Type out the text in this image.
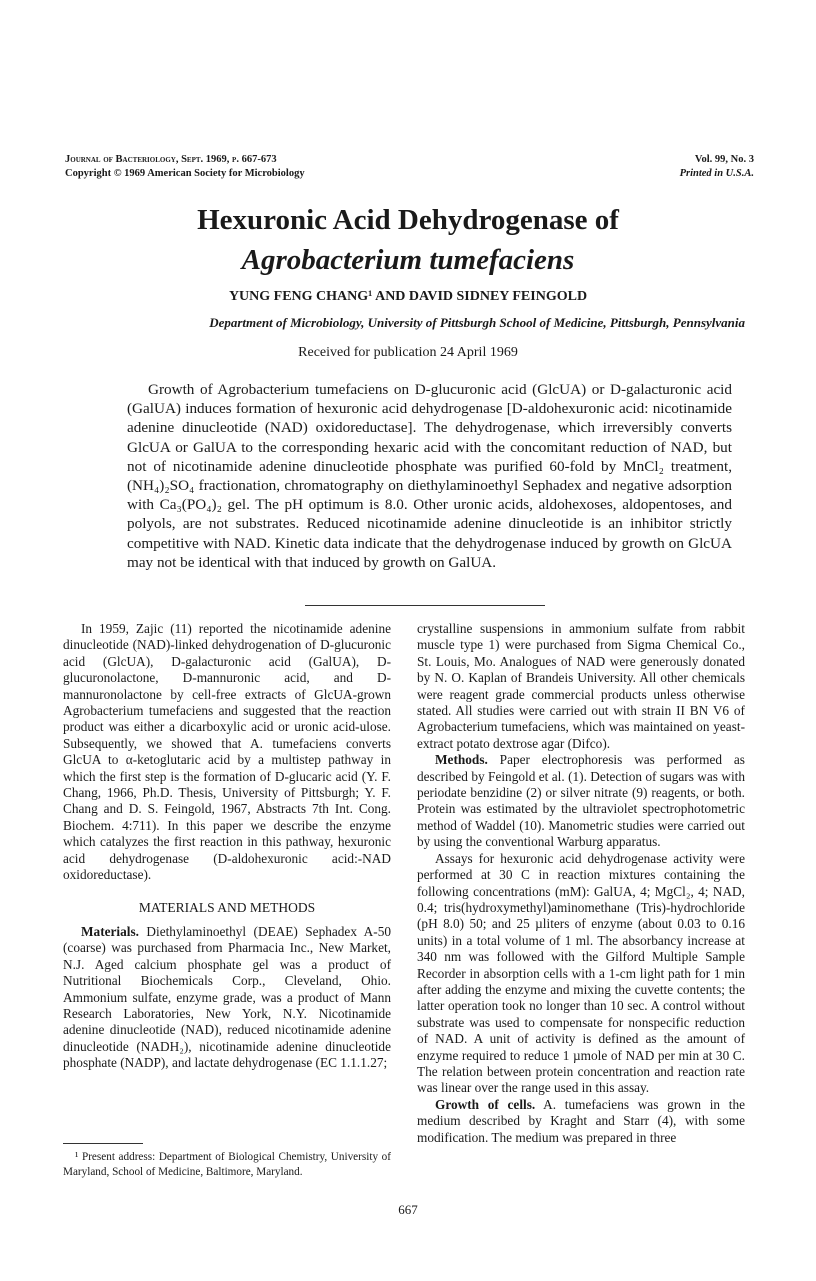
Journal of Bacteriology, Sept. 1969, p. 667-673
Copyright © 1969 American Society for Microbiology
Vol. 99, No. 3
Printed in U.S.A.
Hexuronic Acid Dehydrogenase of
Agrobacterium tumefaciens
YUNG FENG CHANG¹ AND DAVID SIDNEY FEINGOLD
Department of Microbiology, University of Pittsburgh School of Medicine, Pittsburgh, Pennsylvania
Received for publication 24 April 1969

Growth of Agrobacterium tumefaciens on D-glucuronic acid (GlcUA) or D-galacturonic acid (GalUA) induces formation of hexuronic acid dehydrogenase [D-aldohexuronic acid: nicotinamide adenine dinucleotide (NAD) oxidoreductase]. The dehydrogenase, which irreversibly converts GlcUA or GalUA to the corresponding hexaric acid with the concomitant reduction of NAD, but not of nicotinamide adenine dinucleotide phosphate was purified 60-fold by MnCl₂ treatment, (NH₄)₂SO₄ fractionation, chromatography on diethylaminoethyl Sephadex and negative adsorption with Ca₃(PO₄)₂ gel. The pH optimum is 8.0. Other uronic acids, aldohexoses, aldopentoses, and polyols, are not substrates. Reduced nicotinamide adenine dinucleotide is an inhibitor strictly competitive with NAD. Kinetic data indicate that the dehydrogenase induced by growth on GlcUA may not be identical with that induced by growth on GalUA.

In 1959, Zajic (11) reported the nicotinamide adenine dinucleotide (NAD)-linked dehydrogenation of D-glucuronic acid (GlcUA), D-galacturonic acid (GalUA), D-glucuronolactone, D-mannuronic acid, and D-mannuronolactone by cell-free extracts of GlcUA-grown Agrobacterium tumefaciens and suggested that the reaction product was either a dicarboxylic acid or uronic acid-ulose. Subsequently, we showed that A. tumefaciens converts GlcUA to α-ketoglutaric acid by a multistep pathway in which the first step is the formation of D-glucaric acid (Y. F. Chang, 1966, Ph.D. Thesis, University of Pittsburgh; Y. F. Chang and D. S. Feingold, 1967, Abstracts 7th Int. Cong. Biochem. 4:711). In this paper we describe the enzyme which catalyzes the first reaction in this pathway, hexuronic acid dehydrogenase (D-aldohexuronic acid:-NAD oxidoreductase).

MATERIALS AND METHODS

Materials. Diethylaminoethyl (DEAE) Sephadex A-50 (coarse) was purchased from Pharmacia Inc., New Market, N.J. Aged calcium phosphate gel was a product of Nutritional Biochemicals Corp., Cleveland, Ohio. Ammonium sulfate, enzyme grade, was a product of Mann Research Laboratories, New York, N.Y. Nicotinamide adenine dinucleotide (NAD), reduced nicotinamide adenine dinucleotide (NADH₂), nicotinamide adenine dinucleotide phosphate (NADP), and lactate dehydrogenase (EC 1.1.1.27;

crystalline suspensions in ammonium sulfate from rabbit muscle type 1) were purchased from Sigma Chemical Co., St. Louis, Mo. Analogues of NAD were generously donated by N. O. Kaplan of Brandeis University. All other chemicals were reagent grade commercial products unless otherwise stated. All studies were carried out with strain II BN V6 of Agrobacterium tumefaciens, which was maintained on yeast-extract potato dextrose agar (Difco).

Methods. Paper electrophoresis was performed as described by Feingold et al. (1). Detection of sugars was with periodate benzidine (2) or silver nitrate (9) reagents, or both. Protein was estimated by the ultraviolet spectrophotometric method of Waddel (10). Manometric studies were carried out by using the conventional Warburg apparatus.

Assays for hexuronic acid dehydrogenase activity were performed at 30 C in reaction mixtures containing the following concentrations (mM): GalUA, 4; MgCl₂, 4; NAD, 0.4; tris(hydroxymethyl)aminomethane (Tris)-hydrochloride (pH 8.0) 50; and 25 µliters of enzyme (about 0.03 to 0.16 units) in a total volume of 1 ml. The absorbancy increase at 340 nm was followed with the Gilford Multiple Sample Recorder in absorption cells with a 1-cm light path for 1 min after adding the enzyme and mixing the cuvette contents; the latter operation took no longer than 10 sec. A control without substrate was used to compensate for nonspecific reduction of NAD. A unit of activity is defined as the amount of enzyme required to reduce 1 µmole of NAD per min at 30 C. The relation between protein concentration and reaction rate was linear over the range used in this assay.

Growth of cells. A. tumefaciens was grown in the medium described by Kraght and Starr (4), with some modification. The medium was prepared in three

¹ Present address: Department of Biological Chemistry, University of Maryland, School of Medicine, Baltimore, Maryland.

667
